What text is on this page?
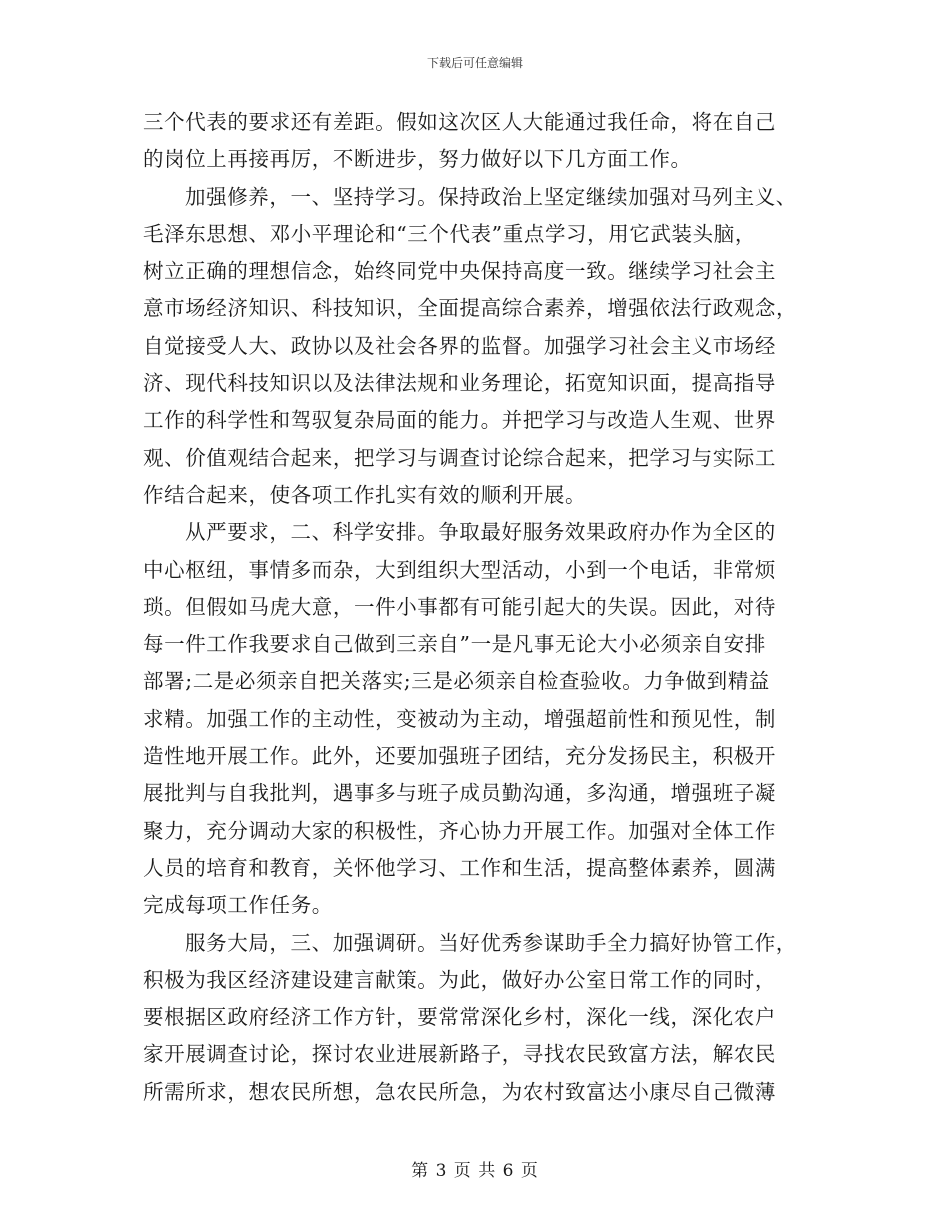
下载后可任意编辑
三个代表的要求还有差距。假如这次区人大能通过我任命，将在自己
的岗位上再接再厉，不断进步，努力做好以下几方面工作。
加强修养，一、坚持学习。保持政治上坚定继续加强对马列主义、
毛泽东思想、邓小平理论和“三个代表”重点学习，用它武装头脑，
树立正确的理想信念，始终同党中央保持高度一致。继续学习社会主
意市场经济知识、科技知识，全面提高综合素养，增强依法行政观念，
自觉接受人大、政协以及社会各界的监督。加强学习社会主义市场经
济、现代科技知识以及法律法规和业务理论，拓宽知识面，提高指导
工作的科学性和驾驭复杂局面的能力。并把学习与改造人生观、世界
观、价值观结合起来，把学习与调查讨论综合起来，把学习与实际工
作结合起来，使各项工作扎实有效的顺利开展。
从严要求，二、科学安排。争取最好服务效果政府办作为全区的
中心枢纽，事情多而杂，大到组织大型活动，小到一个电话，非常烦
琐。但假如马虎大意，一件小事都有可能引起大的失误。因此，对待
每一件工作我要求自己做到三亲自”一是凡事无论大小必须亲自安排
部署;二是必须亲自把关落实;三是必须亲自检查验收。力争做到精益
求精。加强工作的主动性，变被动为主动，增强超前性和预见性，制
造性地开展工作。此外，还要加强班子团结，充分发扬民主，积极开
展批判与自我批判，遇事多与班子成员勤沟通，多沟通，增强班子凝
聚力，充分调动大家的积极性，齐心协力开展工作。加强对全体工作
人员的培育和教育，关怀他学习、工作和生活，提高整体素养，圆满
完成每项工作任务。
服务大局，三、加强调研。当好优秀参谋助手全力搞好协管工作，
积极为我区经济建设建言献策。为此，做好办公室日常工作的同时，
要根据区政府经济工作方针，要常常深化乡村，深化一线，深化农户
家开展调查讨论，探讨农业进展新路子，寻找农民致富方法，解农民
所需所求，想农民所想，急农民所急，为农村致富达小康尽自己微薄
第 3 页 共 6 页
